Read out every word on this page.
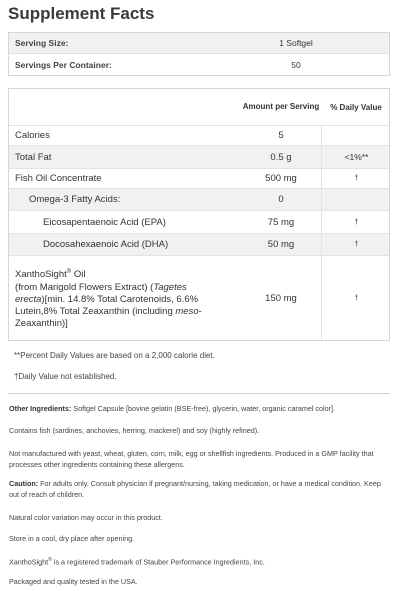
Supplement Facts
Serving Size:	1 Softgel
Servings Per Container:	50
Amount per Serving	% Daily Value
Calories	5
Total Fat	0.5 g	<1%**
Fish Oil Concentrate	500 mg	†
Omega-3 Fatty Acids:	0
Eicosapentaenoic Acid (EPA)	75 mg	†
Docosahexaenoic Acid (DHA)	50 mg	†
XanthoSight® Oil
(from Marigold Flowers Extract) (Tagetes
erecta)[min. 14.8% Total Carotenoids, 6.6% Lutein,8% Total Zeaxanthin (including meso-Zeaxanthin)]
150 mg	†
**Percent Daily Values are based on a 2,000 calorie diet.
†Daily Value not established.
Other Ingredients: Softgel Capsule [bovine gelatin (BSE-free), glycerin, water, organic caramel color].
Contains fish (sardines, anchovies, herring, mackerel) and soy (highly refined).
Not manufactured with yeast, wheat, gluten, corn, milk, egg or shellfish ingredients. Produced in a GMP facility that processes other ingredients containing these allergens.
Caution: For adults only. Consult physician if pregnant/nursing, taking medication, or have a medical condition. Keep out of reach of children.
Natural color variation may occur in this product.
Store in a cool, dry place after opening.
XanthoSight® is a registered trademark of Stauber Performance Ingredients, Inc.
Packaged and quality tested in the USA.
